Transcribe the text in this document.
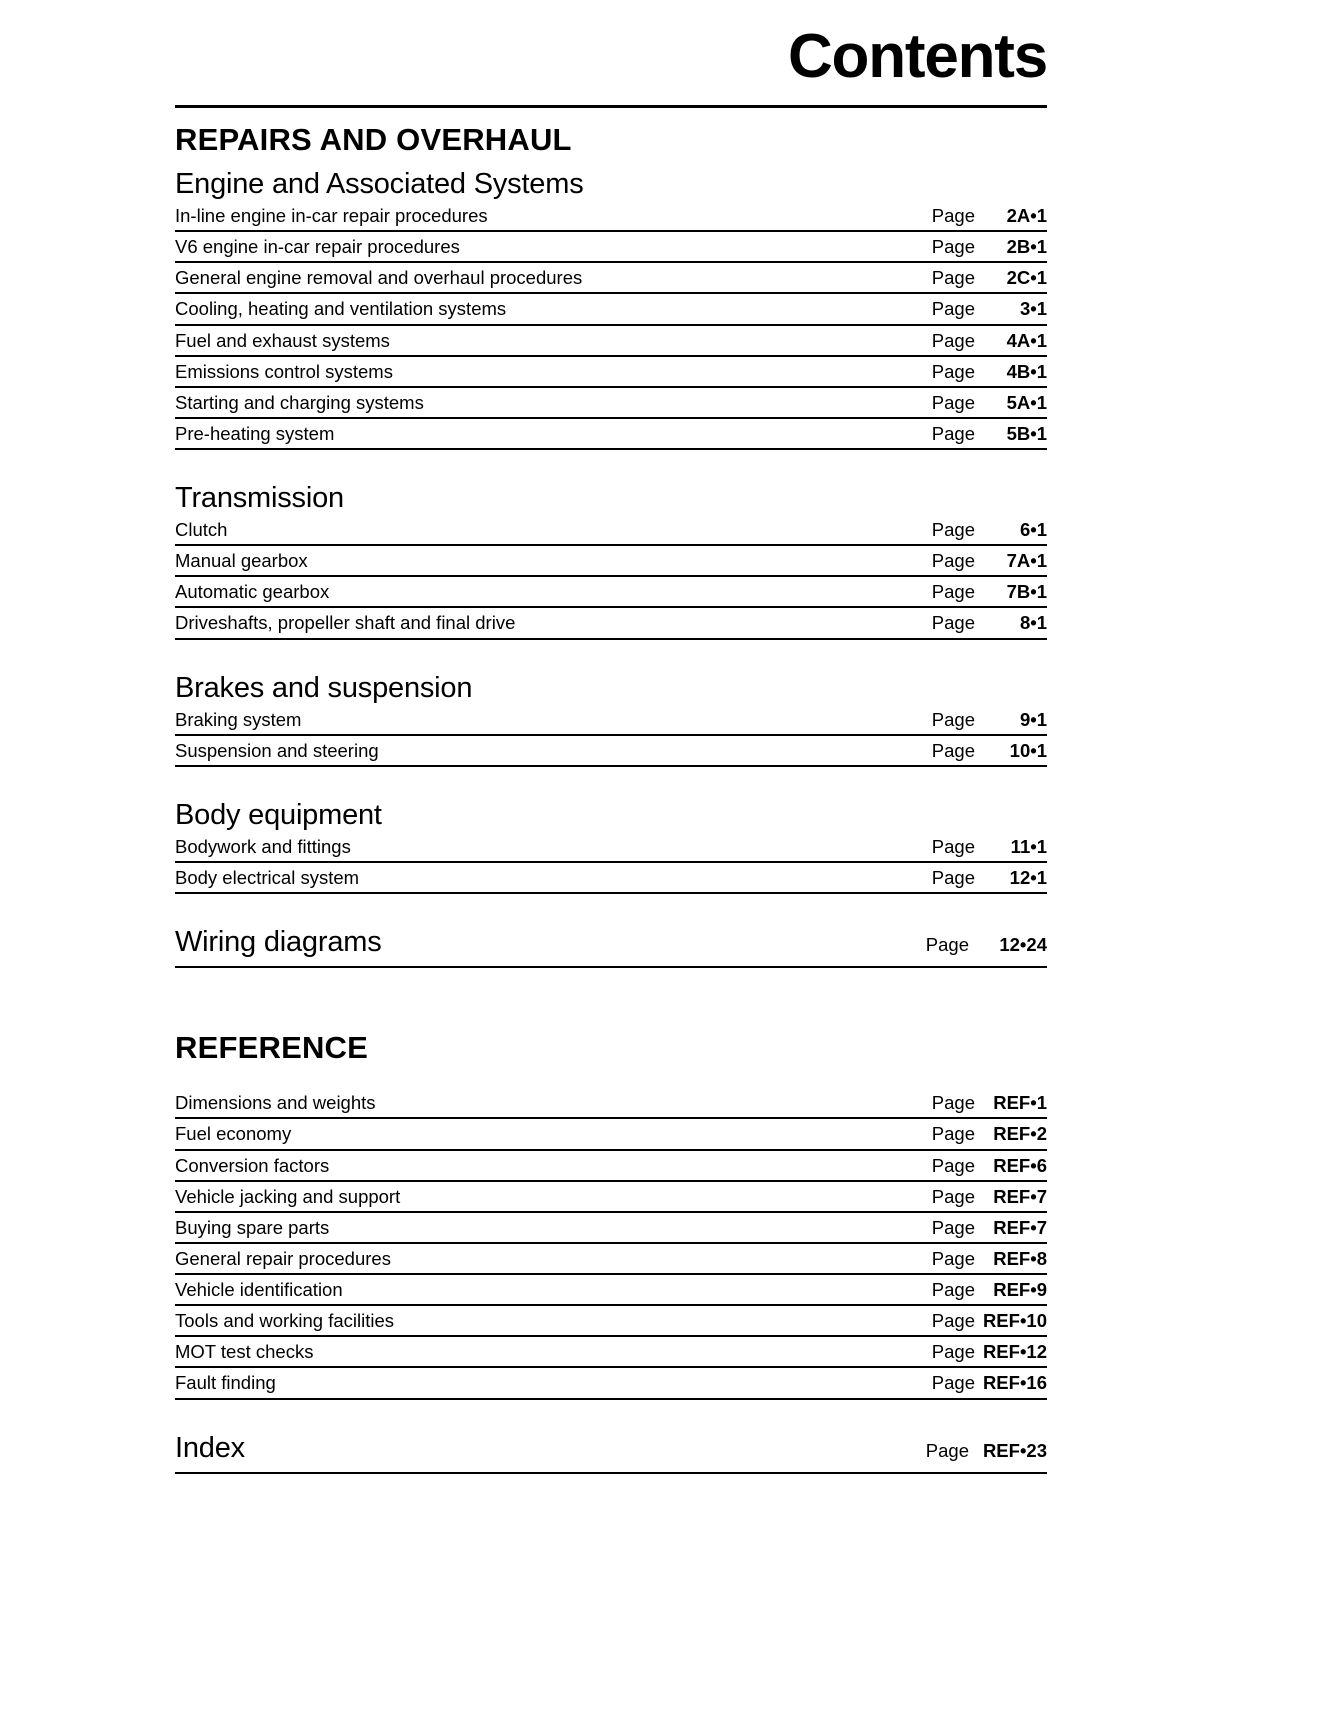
Contents
REPAIRS AND OVERHAUL
Engine and Associated Systems
In-line engine in-car repair procedures	Page	2A•1
V6 engine in-car repair procedures	Page	2B•1
General engine removal and overhaul procedures	Page	2C•1
Cooling, heating and ventilation systems	Page	3•1
Fuel and exhaust systems	Page	4A•1
Emissions control systems	Page	4B•1
Starting and charging systems	Page	5A•1
Pre-heating system	Page	5B•1
Transmission
Clutch	Page	6•1
Manual gearbox	Page	7A•1
Automatic gearbox	Page	7B•1
Driveshafts, propeller shaft and final drive	Page	8•1
Brakes and suspension
Braking system	Page	9•1
Suspension and steering	Page	10•1
Body equipment
Bodywork and fittings	Page	11•1
Body electrical system	Page	12•1
Wiring diagrams	Page	12•24
REFERENCE
Dimensions and weights	Page REF•1
Fuel economy	Page REF•2
Conversion factors	Page REF•6
Vehicle jacking and support	Page REF•7
Buying spare parts	Page REF•7
General repair procedures	Page REF•8
Vehicle identification	Page REF•9
Tools and working facilities	Page REF•10
MOT test checks	Page REF•12
Fault finding	Page REF•16
Index	Page REF•23
